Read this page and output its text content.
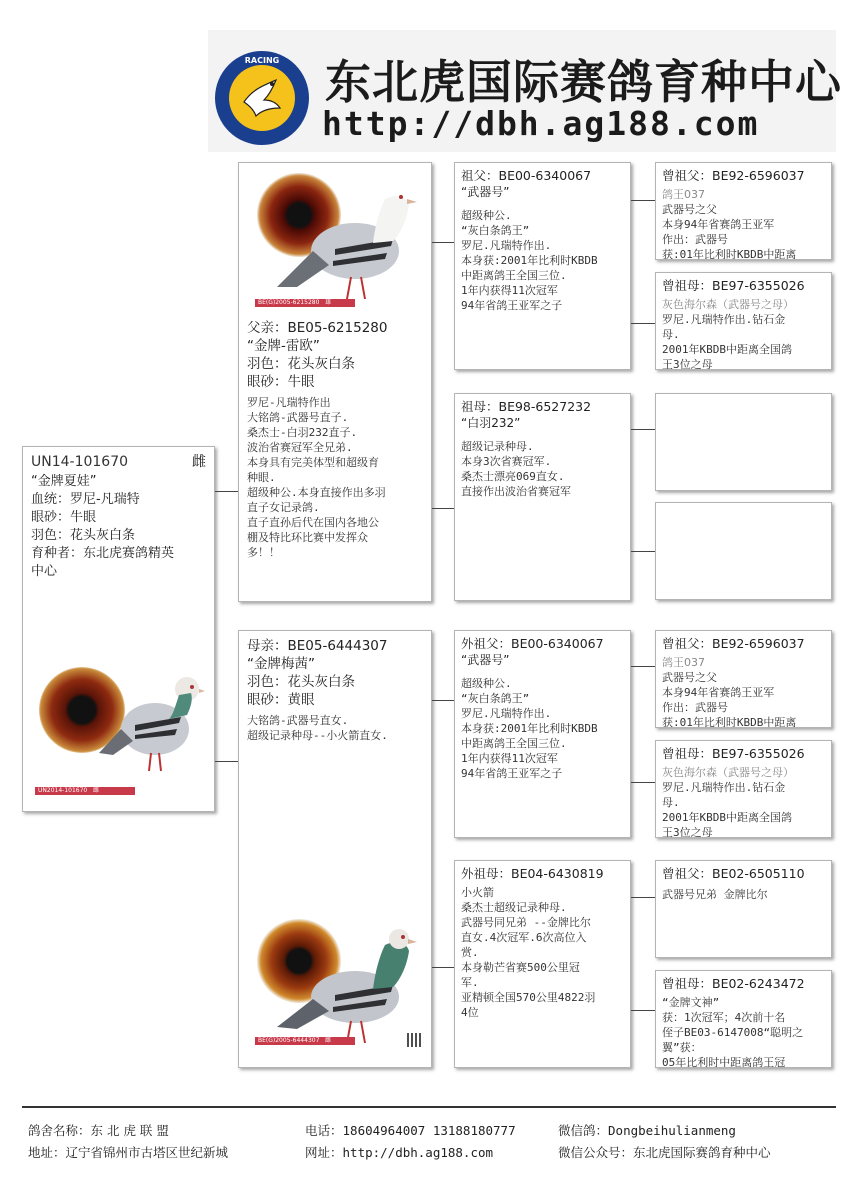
RACING 东北虎国际赛鸽育种中心
http://dbh.ag188.com
UN14-101670	雌
“金牌夏娃”
血统：罗尼-凡瑞特
眼砂：牛眼
羽色：花头灰白条
育种者：东北虎赛鸽精英
中心
UN2014-101670 雌
BE(G)2005-6215280 雄
父亲：BE05-6215280
“金牌-雷欧”
羽色：花头灰白条
眼砂：牛眼
罗尼-凡瑞特作出
大铭鸽-武器号直子.
桑杰士-白羽232直子.
波治省赛冠军全兄弟.
本身具有完美体型和超级育
种眼.
超级种公.本身直接作出多羽
直子女记录鸽.
直子直孙后代在国内各地公
棚及特比环比赛中发挥众
多！！
母亲：BE05-6444307
“金牌梅茜”
羽色：花头灰白条
眼砂：黄眼
大铭鸽-武器号直女.
超级记录种母--小火箭直女.
BE(G)2005-6444307 雌
祖父：BE00-6340067
“武器号”
超级种公.
“灰白条鸽王”
罗尼.凡瑞特作出.
本身获:2001年比利时KBDB
中距离鸽王全国三位.
1年内获得11次冠军
94年省鸽王亚军之子
祖母：BE98-6527232
“白羽232”
超级记录种母.
本身3次省赛冠军.
桑杰士漂亮069直女.
直接作出波治省赛冠军
外祖父：BE00-6340067
“武器号”
超级种公.
“灰白条鸽王”
罗尼.凡瑞特作出.
本身获:2001年比利时KBDB
中距离鸽王全国三位.
1年内获得11次冠军
94年省鸽王亚军之子
外祖母：BE04-6430819
小火箭
桑杰士超级记录种母.
武器号同兄弟 --金牌比尔
直女.4次冠军.6次高位入
赏.
本身勒芒省赛500公里冠
军.
亚精顿全国570公里4822羽
4位
曾祖父：BE92-6596037
鸽王037
武器号之父
本身94年省赛鸽王亚军
作出：武器号
获:01年比利时KBDB中距离
曾祖母：BE97-6355026
灰色海尔森（武器号之母）
罗尼.凡瑞特作出.钻石金
母.
2001年KBDB中距离全国鸽
王3位之母
曾祖父：BE92-6596037
鸽王037
武器号之父
本身94年省赛鸽王亚军
作出：武器号
获:01年比利时KBDB中距离
曾祖母：BE97-6355026
灰色海尔森（武器号之母）
罗尼.凡瑞特作出.钻石金
母.
2001年KBDB中距离全国鸽
王3位之母
曾祖父：BE02-6505110
武器号兄弟 金牌比尔
曾祖母：BE02-6243472
“金牌文神”
获：1次冠军；4次前十名
侄子BE03-6147008“聪明之
翼”获：
05年比利时中距离鸽王冠
鸽舍名称：东 北 虎 联 盟	电话：18604964007 13188180777	微信鸽：Dongbeihulianmeng
地址：辽宁省锦州市古塔区世纪新城	网址：http://dbh.ag188.com	微信公众号：东北虎国际赛鸽育种中心
